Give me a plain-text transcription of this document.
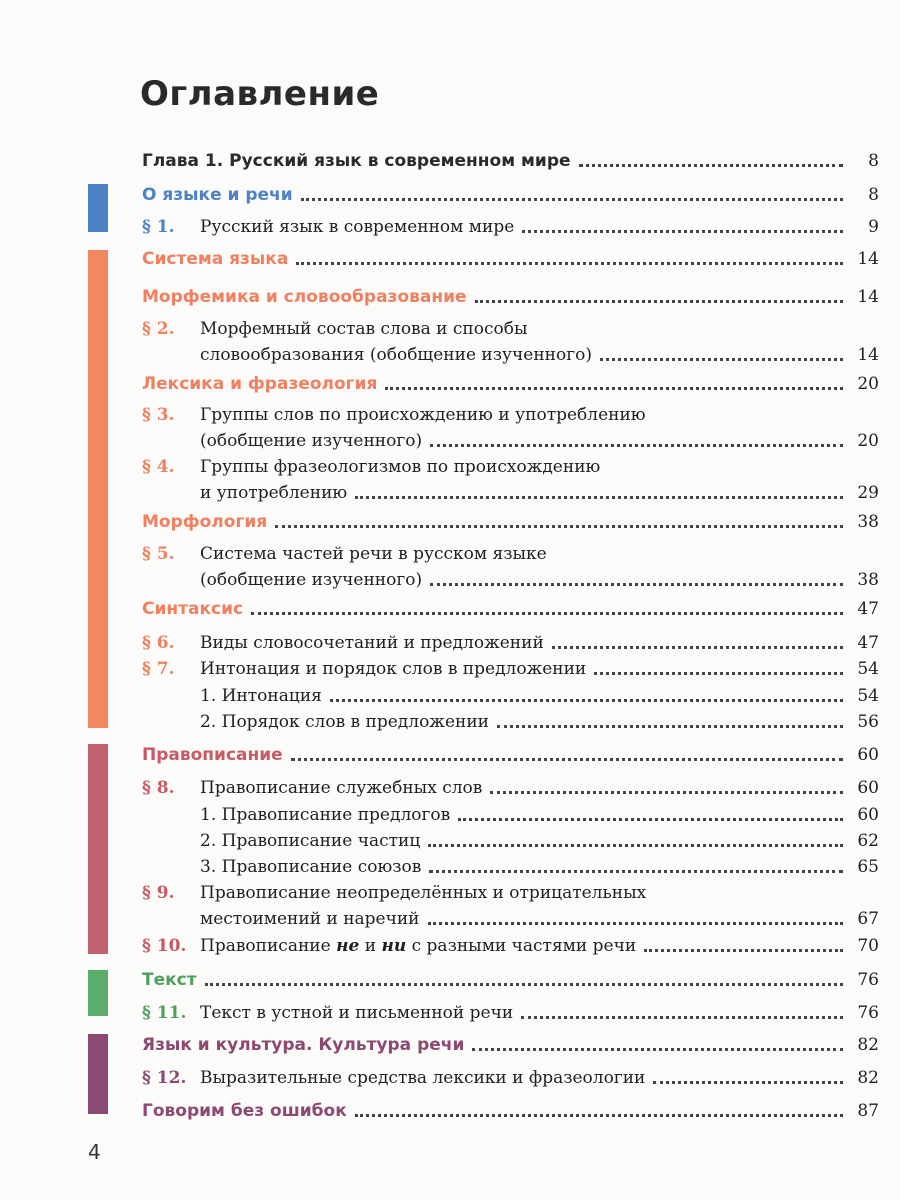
Оглавление
Глава 1. Русский язык в современном мире	8
О языке и речи	8
§ 1.	Русский язык в современном мире	9
Система языка	14
Морфемика и словообразование	14
§ 2.	Морфемный состав слова и способы
словообразования (обобщение изученного)	14
Лексика и фразеология	20
§ 3.	Группы слов по происхождению и употреблению
(обобщение изученного)	20
§ 4.	Группы фразеологизмов по происхождению
и употреблению	29
Морфология	38
§ 5.	Система частей речи в русском языке
(обобщение изученного)	38
Синтаксис	47
§ 6.	Виды словосочетаний и предложений	47
§ 7.	Интонация и порядок слов в предложении	54
1. Интонация	54
2. Порядок слов в предложении	56
Правописание	60
§ 8.	Правописание служебных слов	60
1. Правописание предлогов	60
2. Правописание частиц	62
3. Правописание союзов	65
§ 9.	Правописание неопределённых и отрицательных
местоимений и наречий	67
§ 10. Правописание не и ни с разными частями речи	70
Текст	76
§ 11. Текст в устной и письменной речи	76
Язык и культура. Культура речи	82
§ 12. Выразительные средства лексики и фразеологии	82
Говорим без ошибок	87
4
